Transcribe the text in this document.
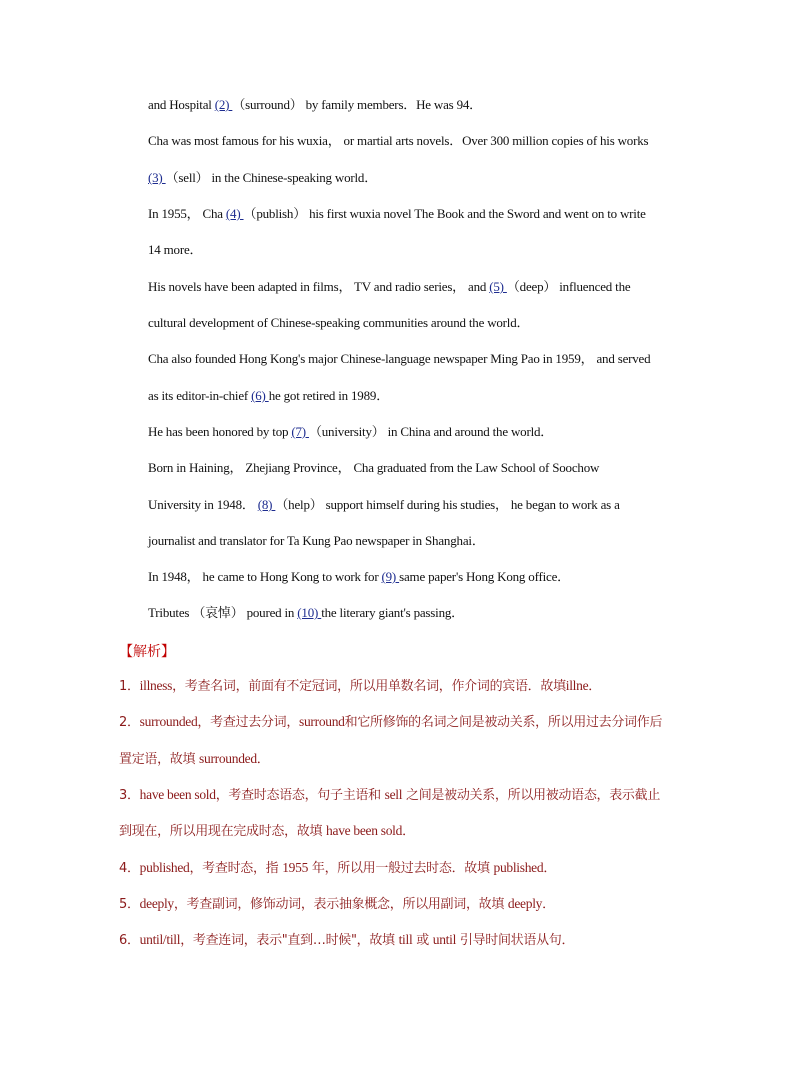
and Hospital (2) （surround） by family members．He was 94．
Cha was most famous for his wuxia， or martial arts novels．Over 300 million copies of his works
(3) （sell） in the Chinese-speaking world．
In 1955， Cha (4) （publish） his first wuxia novel The Book and the Sword and went on to write
14 more．
His novels have been adapted in films， TV and radio series， and (5) （deep） influenced the
cultural development of Chinese-speaking communities around the world．
Cha also founded Hong Kong's major Chinese-language newspaper Ming Pao in 1959， and served
as its editor-in-chief (6) he got retired in 1989．
He has been honored by top (7) （university） in China and around the world．
Born in Haining， Zhejiang Province， Cha graduated from the Law School of Soochow
University in 1948． (8) （help） support himself during his studies， he began to work as a
journalist and translator for Ta Kung Pao newspaper in Shanghai．
In 1948， he came to Hong Kong to work for (9) same paper's Hong Kong office．
Tributes （哀悼） poured in (10) the literary giant's passing．
【解析】
1．illness，考查名词，前面有不定冠词，所以用单数名词，作介词的宾语．故填illne．
2．surrounded，考查过去分词，surround和它所修饰的名词之间是被动关系，所以用过去分词作后
置定语，故填 surrounded．
3．have been sold，考查时态语态，句子主语和 sell 之间是被动关系，所以用被动语态，表示截止
到现在，所以用现在完成时态，故填 have been sold．
4．published，考查时态，指 1955 年，所以用一般过去时态．故填 published．
5．deeply，考查副词，修饰动词，表示抽象概念，所以用副词，故填 deeply．
6．until/till，考查连词，表示"直到…时候"，故填 till 或 until 引导时间状语从句．
